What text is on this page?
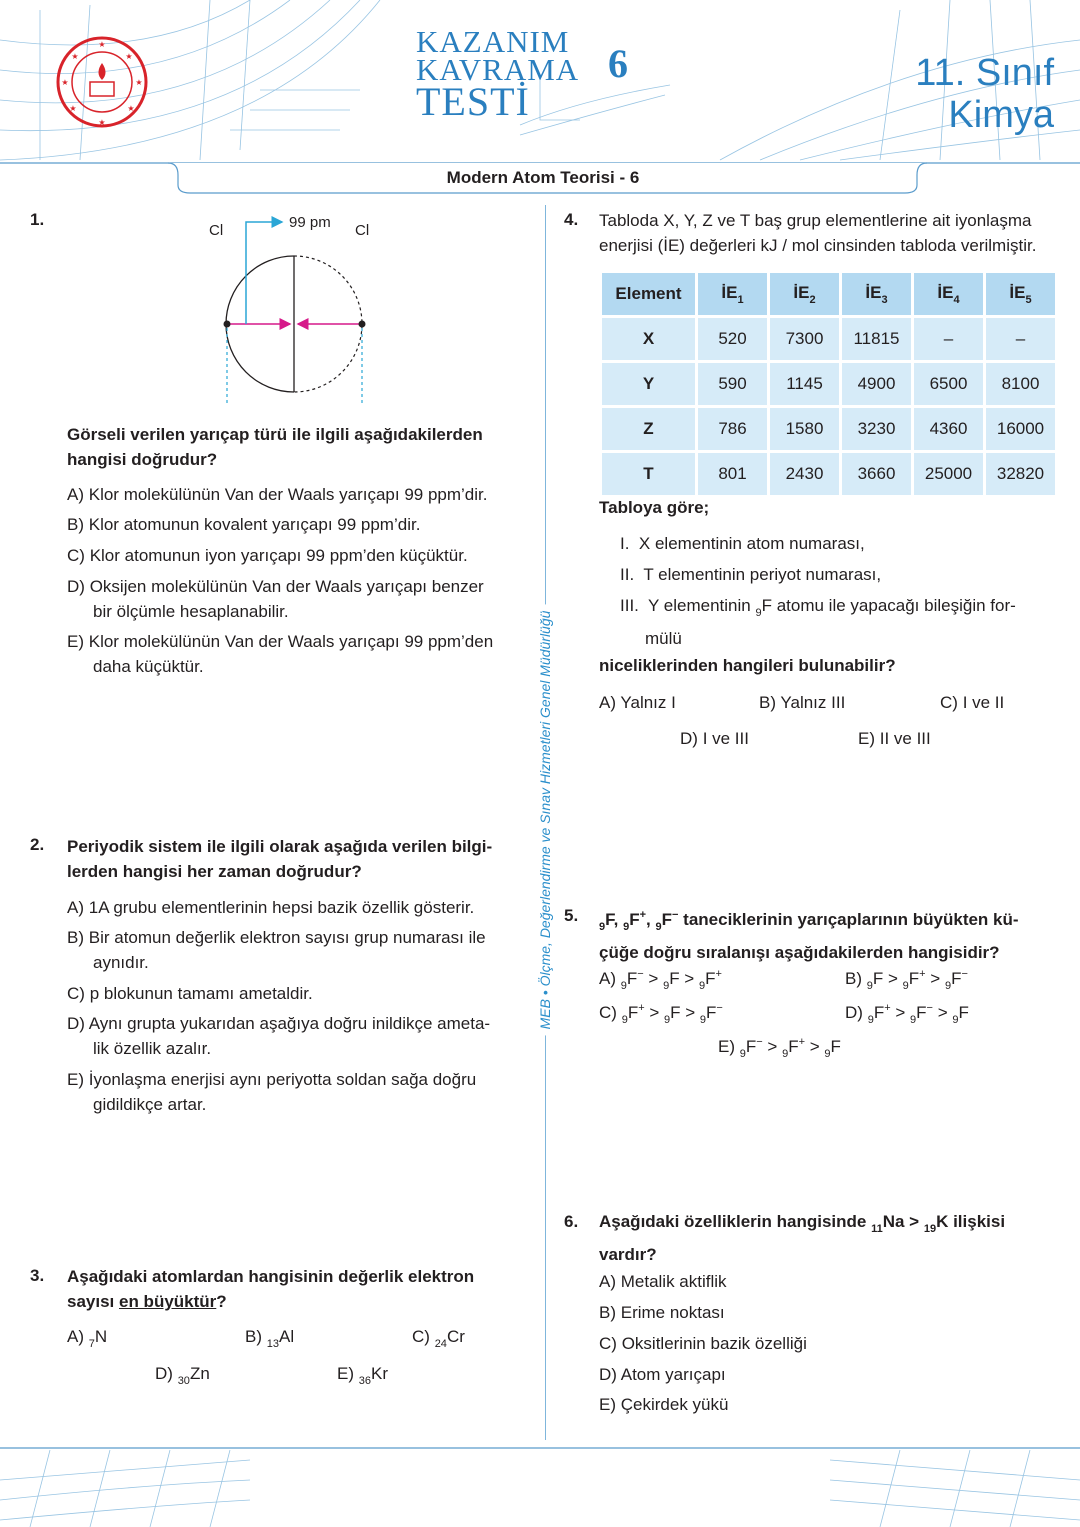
★
★	★
★	★
★	★
★
KAZANIM
KAVRAMA
TESTİ
6	11. Sınıf
Kimya
Modern Atom Teorisi - 6
MEB • Ölçme, Değerlendirme ve Sınav Hizmetleri Genel Müdürlüğü
1.
Cl	Cl
99 pm
Görseli verilen yarıçap türü ile ilgili aşağıdakilerden
hangisi doğrudur?
2. Periyodik sistem ile ilgili olarak aşağıda verilen bilgi-
lerden hangisi her zaman doğrudur?
3. Aşağıdaki atomlardan hangisinin değerlik elektron
sayısı en büyüktür?
4. Tabloda X, Y, Z ve T baş grup elementlerine ait iyonlaşma
enerjisi (İE) değerleri kJ / mol cinsinden tabloda verilmiştir.
Element	$İE_1$	$İE_2$	$İE_3$	$İE_4$	$İE_5$
X	520	7300	11815	–	–
Y	590	1145	4900	6500	8100
Z	786	1580	3230	4360	16000
T	801	2430	3660	25000	32820
Tabloya göre;
I. X elementinin atom numarası,
II. T elementinin periyot numarası,
III. Y elementinin $_9$F atomu ile yapacağı bileşiğin for-
mülü
niceliklerinden hangileri bulunabilir?
5.
$_9$F, $_9$F+, $_9$F− taneciklerinin yarıçaplarının büyükten kü-
çüğe doğru sıralanışı aşağıdakilerden hangisidir?
6. Aşağıdaki özelliklerin hangisinde $_{11}$Na > $_{19}$K ilişkisi
vardır?
A) Klor molekülünün Van der Waals yarıçapı 99 ppm’dir.
B) Klor atomunun kovalent yarıçapı 99 ppm’dir.
C) Klor atomunun iyon yarıçapı 99 ppm’den küçüktür.
D) Oksijen molekülünün Van der Waals yarıçapı benzer
bir ölçümle hesaplanabilir.
E) Klor molekülünün Van der Waals yarıçapı 99 ppm’den
daha küçüktür.
A) 1A grubu elementlerinin hepsi bazik özellik gösterir.
B) Bir atomun değerlik elektron sayısı grup numarası ile
aynıdır.
C) p blokunun tamamı ametaldir.
D) Aynı grupta yukarıdan aşağıya doğru inildikçe ameta-
lik özellik azalır.
E) İyonlaşma enerjisi aynı periyotta soldan sağa doğru
gidildikçe artar.
A) $_7$N	B) $_{13}$Al	C) $_{24}$Cr
D) $_{30}$Zn	E) $_{36}$Kr
A) $_9$F− > $_9$F > $_9$F+	B) $_9$F > $_9$F+ > $_9$F−
C) $_9$F+ > $_9$F > $_9$F−	D) $_9$F+ > $_9$F− > $_9$F
E) $_9$F− > $_9$F+ > $_9$F
A) Yalnız I	B) Yalnız III	C) I ve II
D) I ve III	E) II ve III
A) Metalik aktiflik
B) Erime noktası
C) Oksitlerinin bazik özelliği
D) Atom yarıçapı
E) Çekirdek yükü
